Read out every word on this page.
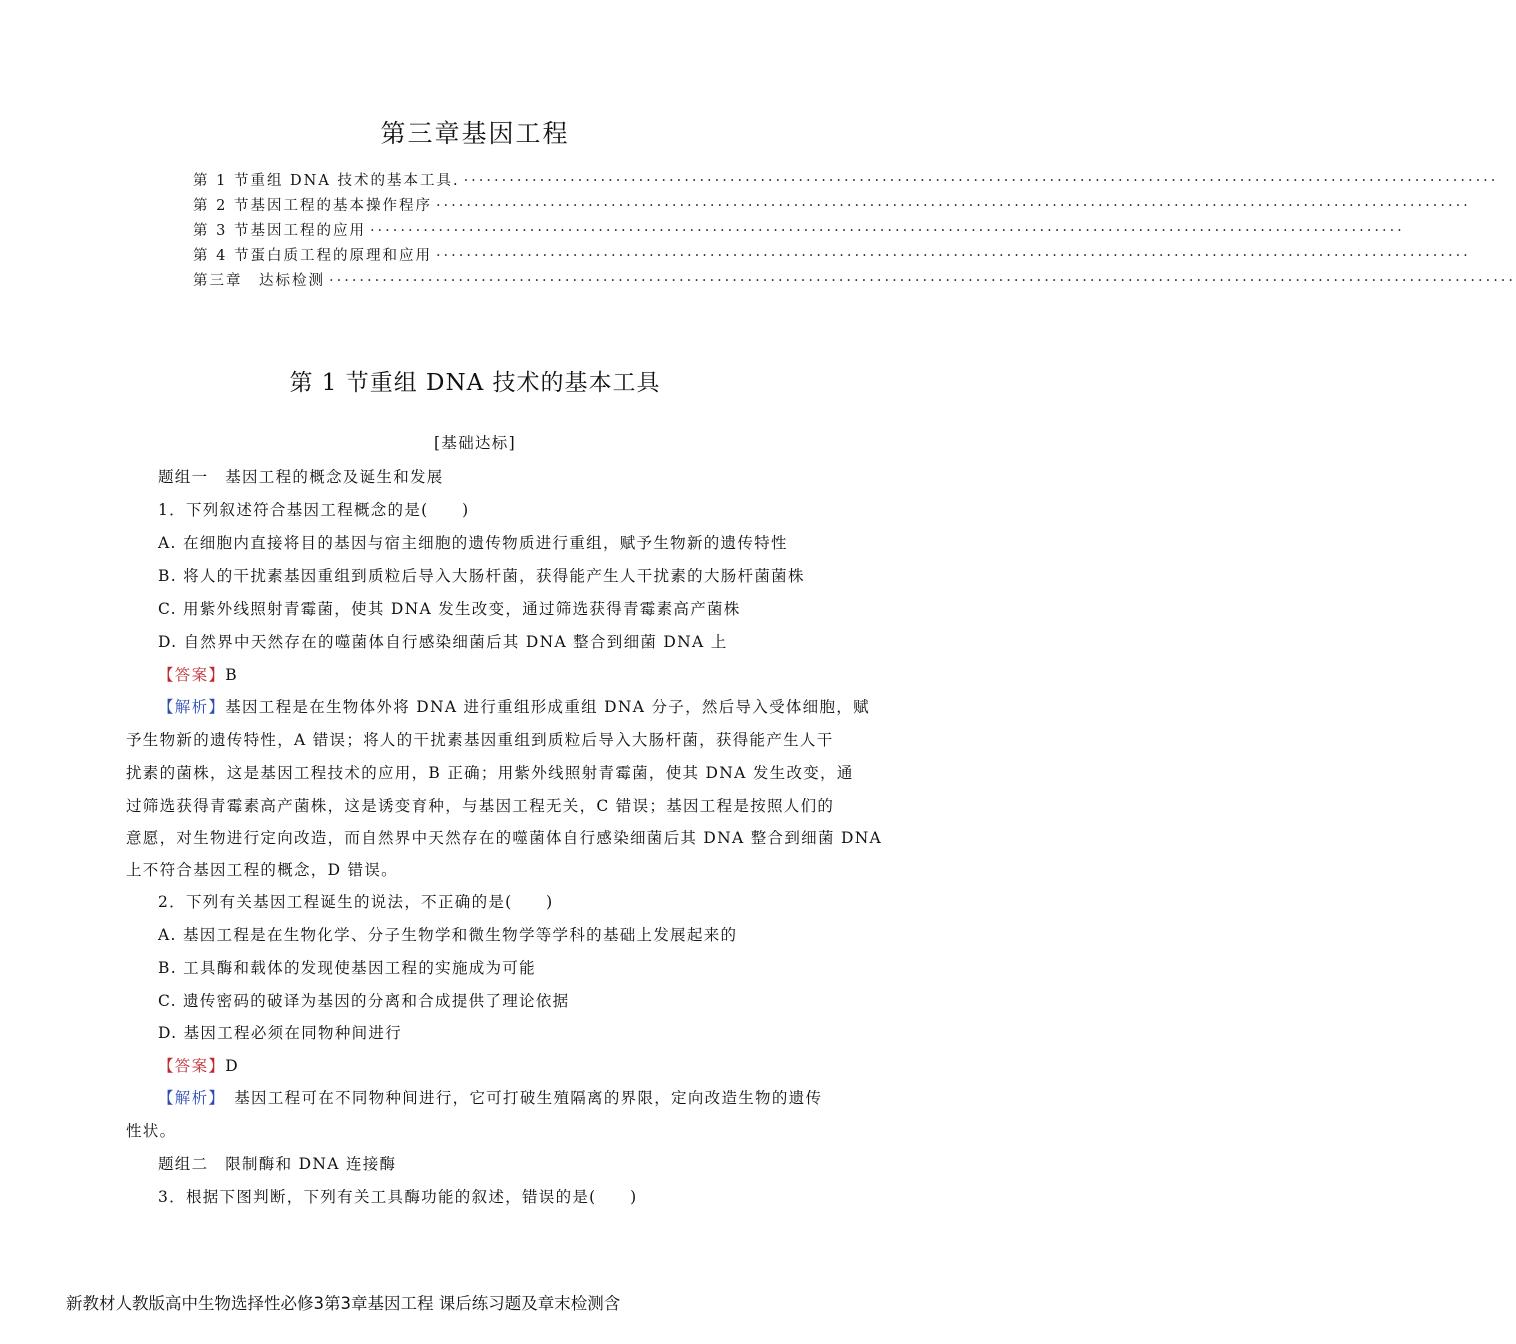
第三章基因工程
第 1 节重组 DNA 技术的基本工具. ........................................................................................................................................
第 2 节基因工程的基本操作程序 ........................................................................................................................................
第 3 节基因工程的应用 ........................................................................................................................................
第 4 节蛋白质工程的原理和应用 ........................................................................................................................................
第三章　达标检测 ............................................................................................................................................................
第 1 节重组 DNA 技术的基本工具
[基础达标]
题组一　基因工程的概念及诞生和发展
1．下列叙述符合基因工程概念的是(　　)
A. 在细胞内直接将目的基因与宿主细胞的遗传物质进行重组，赋予生物新的遗传特性
B. 将人的干扰素基因重组到质粒后导入大肠杆菌，获得能产生人干扰素的大肠杆菌菌株
C. 用紫外线照射青霉菌，使其 DNA 发生改变，通过筛选获得青霉素高产菌株
D. 自然界中天然存在的噬菌体自行感染细菌后其 DNA 整合到细菌 DNA 上
【答案】B
【解析】基因工程是在生物体外将 DNA 进行重组形成重组 DNA 分子，然后导入受体细胞，赋
予生物新的遗传特性，A 错误；将人的干扰素基因重组到质粒后导入大肠杆菌，获得能产生人干
扰素的菌株，这是基因工程技术的应用，B 正确；用紫外线照射青霉菌，使其 DNA 发生改变，通
过筛选获得青霉素高产菌株，这是诱变育种，与基因工程无关，C 错误；基因工程是按照人们的
意愿，对生物进行定向改造，而自然界中天然存在的噬菌体自行感染细菌后其 DNA 整合到细菌 DNA
上不符合基因工程的概念，D 错误。
2．下列有关基因工程诞生的说法，不正确的是(　　)
A. 基因工程是在生物化学、分子生物学和微生物学等学科的基础上发展起来的
B. 工具酶和载体的发现使基因工程的实施成为可能
C. 遗传密码的破译为基因的分离和合成提供了理论依据
D. 基因工程必须在同物种间进行
【答案】D
【解析】　基因工程可在不同物种间进行，它可打破生殖隔离的界限，定向改造生物的遗传
性状。
题组二　限制酶和 DNA 连接酶
3．根据下图判断，下列有关工具酶功能的叙述，错误的是(　　)
新教材人教版高中生物选择性必修3第3章基因工程 课后练习题及章末检测含
